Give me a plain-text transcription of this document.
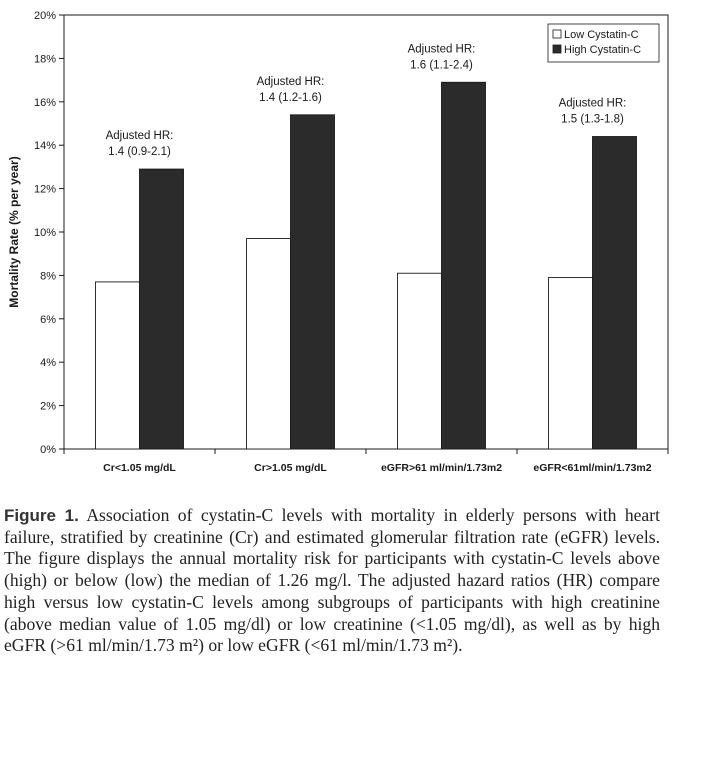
0%
2%
4%
6%
8%
10%
12%
14%
16%
18%
20%
Cr<1.05 mg/dL	Cr>1.05 mg/dL	eGFR>61 ml/min/1.73m2	eGFR<61ml/min/1.73m2
Adjusted HR:
1.4 (0.9-2.1)
Adjusted HR:
1.4 (1.2-1.6)
Adjusted HR:
1.6 (1.1-2.4)
Adjusted HR:
1.5 (1.3-1.8)
Mortality Rate (% per year)
Low Cystatin-C
High Cystatin-C
Figure 1. Association of cystatin-C levels with mortality in elderly persons with heart failure, stratified by creatinine (Cr) and estimated glomerular filtration rate (eGFR) levels. The figure displays the annual mortality risk for participants with cystatin-C levels above (high) or below (low) the median of 1.26 mg/l. The adjusted hazard ratios (HR) compare high versus low cystatin-C levels among subgroups of participants with high creatinine (above median value of 1.05 mg/dl) or low creatinine (<1.05 mg/dl), as well as by high eGFR (>61 ml/min/1.73 m²) or low eGFR (<61 ml/min/1.73 m²).
